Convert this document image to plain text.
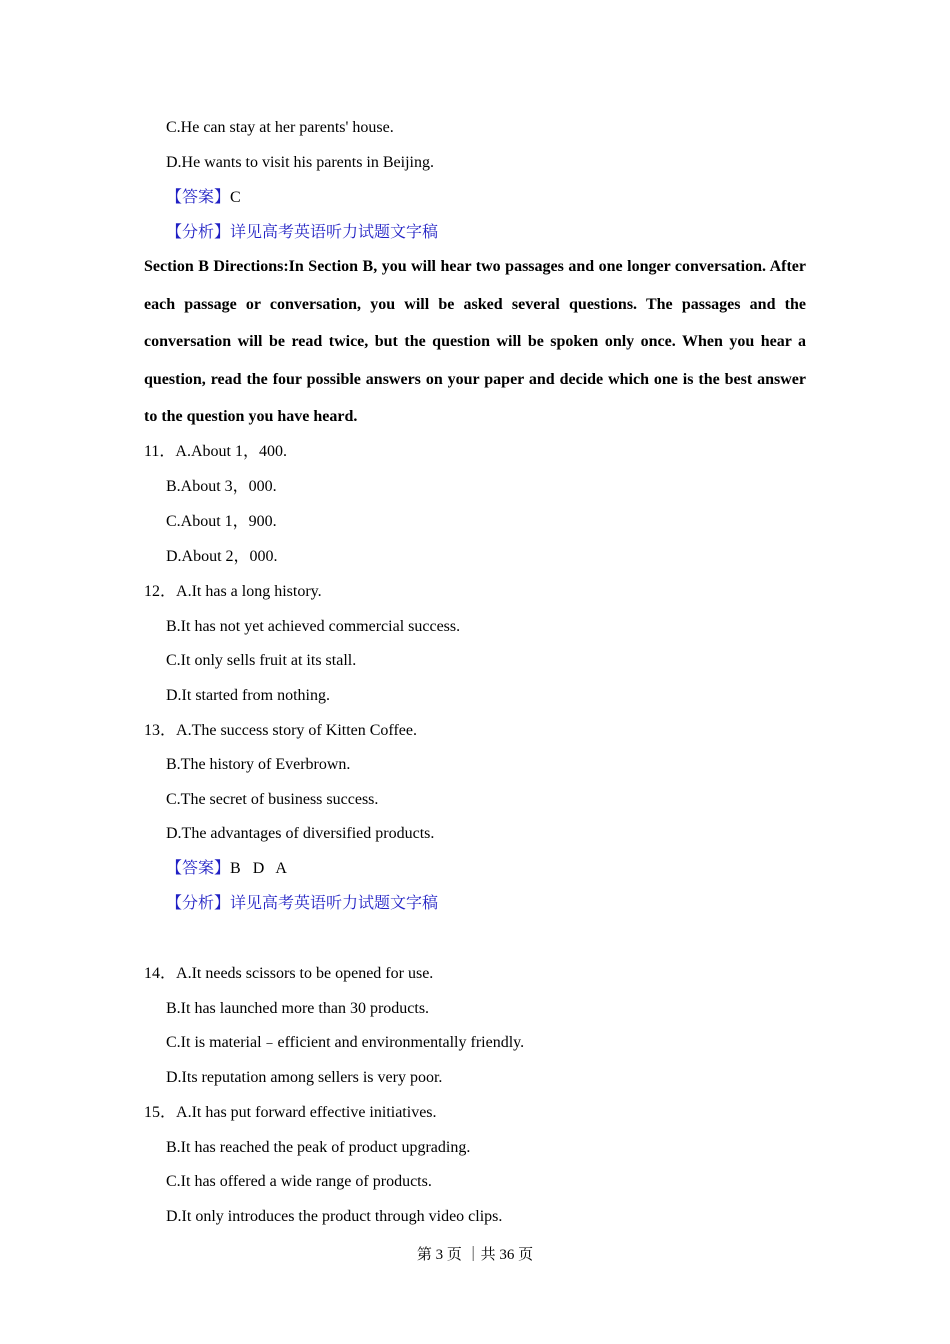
C.He can stay at her parents' house.
D.He wants to visit his parents in Beijing.
【答案】C
【分析】详见高考英语听力试题文字稿
Section B Directions:In Section B, you will hear two passages and one longer conversation. After each passage or conversation, you will be asked several questions. The passages and the conversation will be read twice, but the question will be spoken only once. When you hear a question, read the four possible answers on your paper and decide which one is the best answer to the question you have heard.
11．A.About 1，400.
B.About 3，000.
C.About 1，900.
D.About 2，000.
12．A.It has a long history.
B.It has not yet achieved commercial success.
C.It only sells fruit at its stall.
D.It started from nothing.
13．A.The success story of Kitten Coffee.
B.The history of Everbrown.
C.The secret of business success.
D.The advantages of diversified products.
【答案】B   D   A
【分析】详见高考英语听力试题文字稿
14．A.It needs scissors to be opened for use.
B.It has launched more than 30 products.
C.It is material﹣efficient and environmentally friendly.
D.Its reputation among sellers is very poor.
15．A.It has put forward effective initiatives.
B.It has reached the peak of product upgrading.
C.It has offered a wide range of products.
D.It only introduces the product through video clips.
第 3 页 ｜共 36 页
